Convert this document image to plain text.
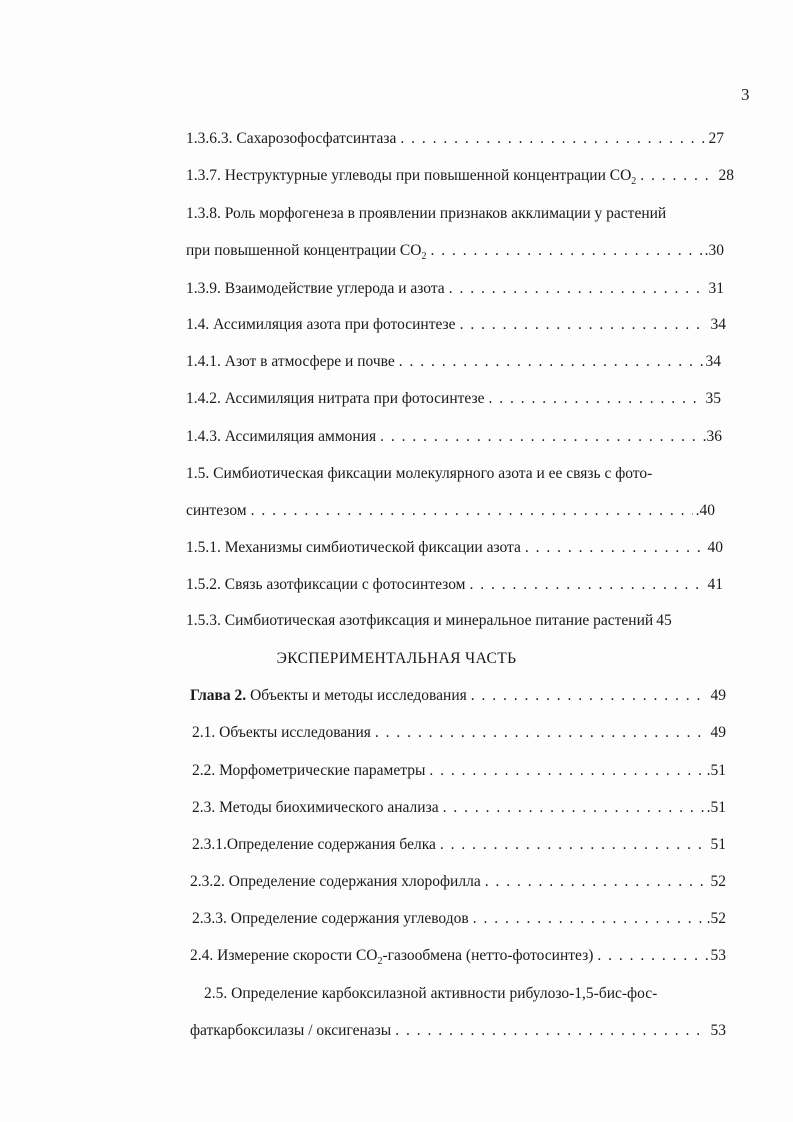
3
1.3.6.3. Сахарозофосфатсинтаза . . .	27
1.3.7. Неструктурные углеводы при повышенной концентрации $СО_2$ . . .	28
1.3.8. Роль морфогенеза в проявлении признаков акклимации у растений
при повышенной концентрации $СО_2$ . . .	.30
1.3.9. Взаимодействие углерода и азота . . .	31
1.4. Ассимиляция азота при фотосинтезе . . .	34
1.4.1. Азот в атмосфере и почве . . .	34
1.4.2. Ассимиляция нитрата при фотосинтезе . . .	35
1.4.3. Ассимиляция аммония . . .	.36
1.5. Симбиотическая фиксации молекулярного азота и ее связь с фото-
синтезом . . .	.40
1.5.1. Механизмы симбиотической фиксации азота . . .	40
1.5.2. Связь азотфиксации с фотосинтезом . . .	41
1.5.3. Симбиотическая азотфиксация и минеральное питание растений 45
ЭКСПЕРИМЕНТАЛЬНАЯ ЧАСТЬ
Глава 2. Объекты и методы исследования . . .	49
2.1. Объекты исследования . . .	49
2.2. Морфометрические параметры . . .	.51
2.3. Методы биохимического анализа . . .	.51
2.3.1.Определение содержания белка . . .	51
2.3.2. Определение содержания хлорофилла . . .	52
2.3.3. Определение содержания углеводов . . .	.52
2.4. Измерение скорости $СО_2$-газообмена (нетто-фотосинтез) . . .	53
2.5. Определение карбоксилазной активности рибулозо-1,5-бис-фос-
фаткарбоксилазы / оксигеназы . . .	53
